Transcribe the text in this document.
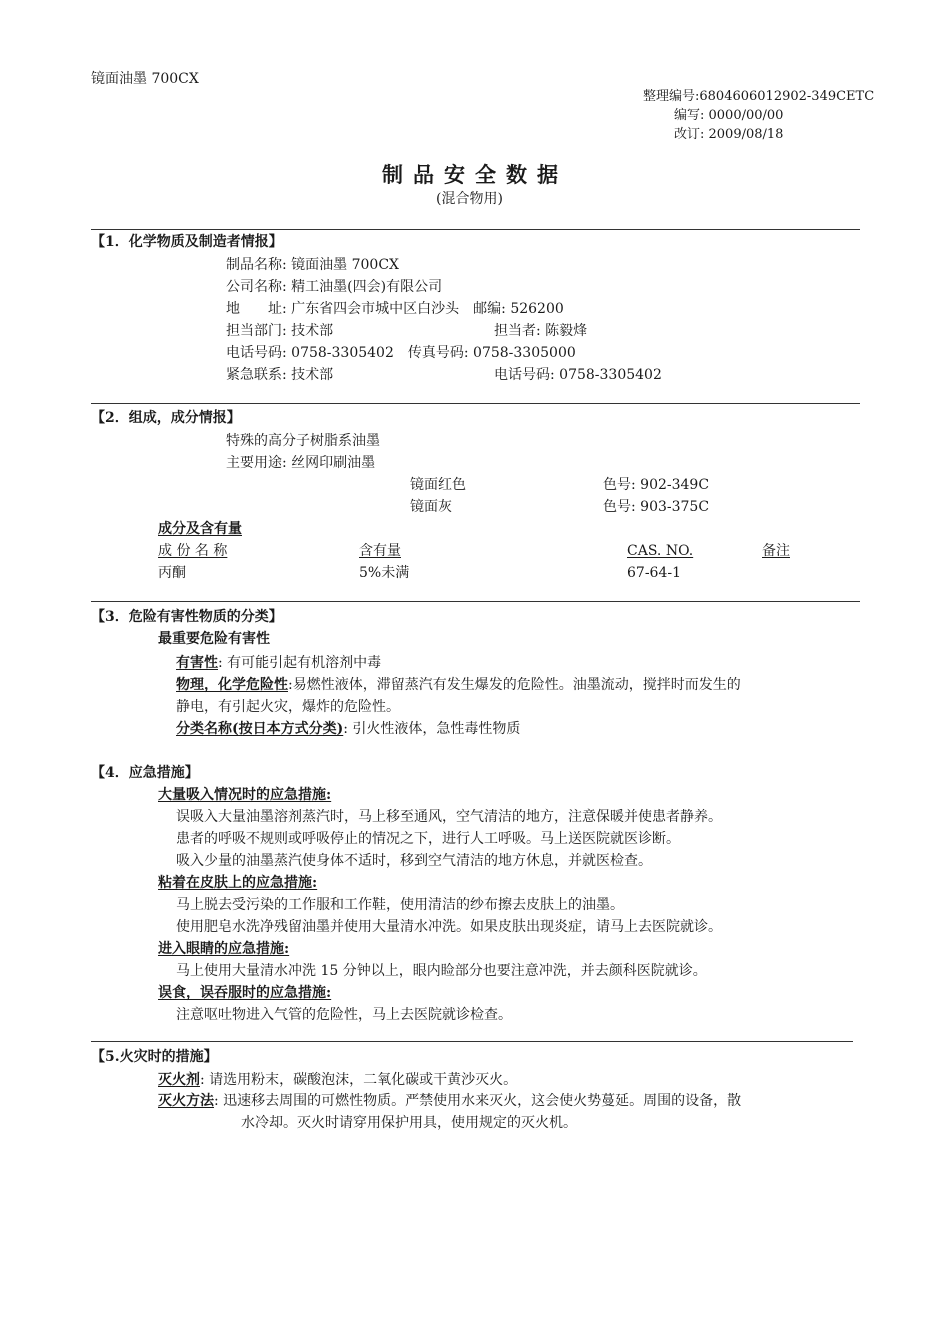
镜面油墨 700CX
整理编号:6804606012902-349CETC
编写: 0000/00/00
改订: 2009/08/18
制品安全数据
(混合物用)
【1．化学物质及制造者情报】
制品名称: 镜面油墨 700CX
公司名称: 精工油墨(四会)有限公司
地　　址: 广东省四会市城中区白沙头　邮编: 526200
担当部门: 技术部	担当者: 陈毅烽
电话号码: 0758-3305402　传真号码: 0758-3305000
紧急联系: 技术部	电话号码: 0758-3305402
【2．组成，成分情报】
特殊的高分子树脂系油墨
主要用途: 丝网印刷油墨
镜面红色	色号: 902-349C
镜面灰	色号: 903-375C
成分及含有量
成 份 名 称	含有量	CAS. NO.	备注
丙酮	5%未满	67-64-1
【3．危险有害性物质的分类】
最重要危险有害性
有害性: 有可能引起有机溶剂中毒
物理，化学危险性:易燃性液体，滞留蒸汽有发生爆发的危险性。油墨流动，搅拌时而发生的
静电，有引起火灾，爆炸的危险性。
分类名称(按日本方式分类): 引火性液体，急性毒性物质
【4．应急措施】
大量吸入情况时的应急措施:
误吸入大量油墨溶剂蒸汽时，马上移至通风，空气清洁的地方，注意保暖并使患者静养。
患者的呼吸不规则或呼吸停止的情况之下，进行人工呼吸。马上送医院就医诊断。
吸入少量的油墨蒸汽使身体不适时，移到空气清洁的地方休息，并就医检查。
粘着在皮肤上的应急措施:
马上脱去受污染的工作服和工作鞋，使用清洁的纱布擦去皮肤上的油墨。
使用肥皂水洗净残留油墨并使用大量清水冲洗。如果皮肤出现炎症，请马上去医院就诊。
进入眼睛的应急措施:
马上使用大量清水冲洗 15 分钟以上，眼内睑部分也要注意冲洗，并去颜科医院就诊。
误食，误吞服时的应急措施:
注意呕吐物进入气管的危险性，马上去医院就诊检查。
【5.火灾时的措施】
灭火剂: 请选用粉末，碳酸泡沫，二氧化碳或干黄沙灭火。
灭火方法: 迅速移去周围的可燃性物质。严禁使用水来灭火，这会使火势蔓延。周围的设备，散
水冷却。灭火时请穿用保护用具，使用规定的灭火机。
